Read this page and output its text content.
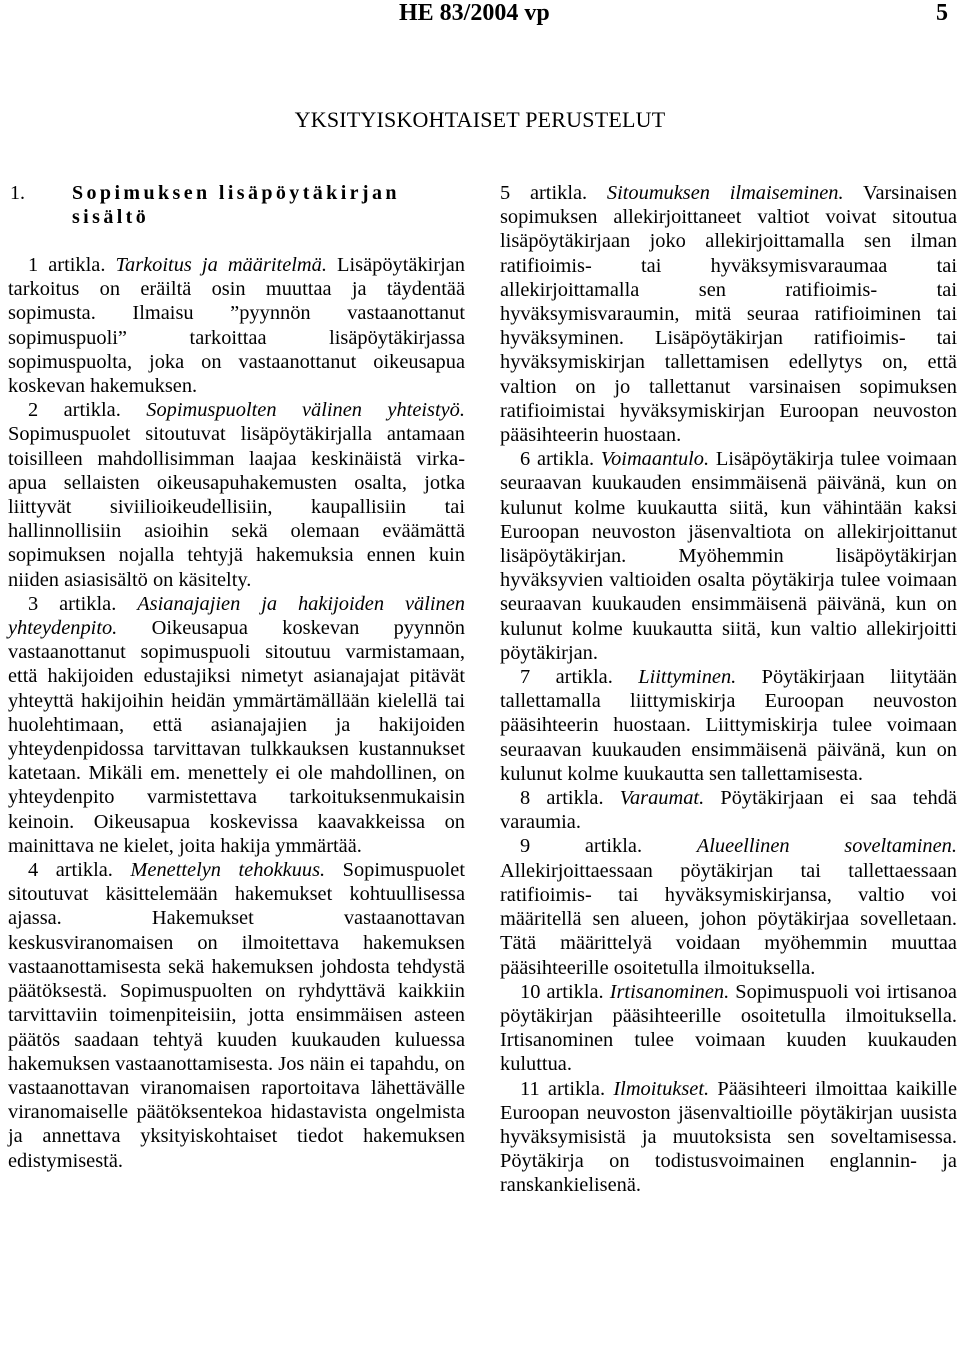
HE 83/2004 vp	5
YKSITYISKOHTAISET PERUSTELUT
1.	Sopimuksen lisäpöytäkirjan sisältö

1 artikla. Tarkoitus ja määritelmä. Lisäpöytäkirjan tarkoitus on eräiltä osin muuttaa ja täydentää sopimusta. Ilmaisu ”pyynnön vastaanottanut sopimuspuoli” tarkoittaa lisäpöytäkirjassa sopimuspuolta, joka on vastaanottanut oikeusapua koskevan hakemuksen.

2 artikla. Sopimuspuolten välinen yhteistyö. Sopimuspuolet sitoutuvat lisäpöytäkirjalla antamaan toisilleen mahdollisimman laajaa keskinäistä virka-apua sellaisten oikeusapuhakemusten osalta, jotka liittyvät siviilioikeudellisiin, kaupallisiin tai hallinnollisiin asioihin sekä olemaan eväämättä sopimuksen nojalla tehtyjä hakemuksia ennen kuin niiden asiasisältö on käsitelty.

3 artikla. Asianajajien ja hakijoiden välinen yhteydenpito. Oikeusapua koskevan pyynnön vastaanottanut sopimuspuoli sitoutuu varmistamaan, että hakijoiden edustajiksi nimetyt asianajajat pitävät yhteyttä hakijoihin heidän ymmärtämällään kielellä tai huolehtimaan, että asianajajien ja hakijoiden yhteydenpidossa tarvittavan tulkkauksen kustannukset katetaan. Mikäli em. menettely ei ole mahdollinen, on yhteydenpito varmistettava tarkoituksenmukaisin keinoin. Oikeusapua koskevissa kaavakkeissa on mainittava ne kielet, joita hakija ymmärtää.

4 artikla. Menettelyn tehokkuus. Sopimuspuolet sitoutuvat käsittelemään hakemukset kohtuullisessa ajassa. Hakemukset vastaanottavan keskusviranomaisen on ilmoitettava hakemuksen vastaanottamisesta sekä hakemuksen johdosta tehdystä päätöksestä. Sopimuspuolten on ryhdyttävä kaikkiin tarvittaviin toimenpiteisiin, jotta ensimmäisen asteen päätös saadaan tehtyä kuuden kuukauden kuluessa hakemuksen vastaanottamisesta. Jos näin ei tapahdu, on vastaanottavan viranomaisen raportoitava lähettävälle viranomaiselle päätöksentekoa hidastavista ongelmista ja annettava yksityiskohtaiset tiedot hakemuksen edistymisestä.

5 artikla. Sitoumuksen ilmaiseminen. Varsinaisen sopimuksen allekirjoittaneet valtiot voivat sitoutua lisäpöytäkirjaan joko allekirjoittamalla sen ilman ratifioimis- tai hyväksymisvaraumaa tai allekirjoittamalla sen ratifioimis- tai hyväksymisvaraumin, mitä seuraa ratifioiminen tai hyväksyminen. Lisäpöytäkirjan ratifioimis- tai hyväksymiskirjan tallettamisen edellytys on, että valtion on jo tallettanut varsinaisen sopimuksen ratifioimistai hyväksymiskirjan Euroopan neuvoston pääsihteerin huostaan.

6 artikla. Voimaantulo. Lisäpöytäkirja tulee voimaan seuraavan kuukauden ensimmäisenä päivänä, kun on kulunut kolme kuukautta siitä, kun vähintään kaksi Euroopan neuvoston jäsenvaltiota on allekirjoittanut lisäpöytäkirjan. Myöhemmin lisäpöytäkirjan hyväksyvien valtioiden osalta pöytäkirja tulee voimaan seuraavan kuukauden ensimmäisenä päivänä, kun on kulunut kolme kuukautta siitä, kun valtio allekirjoitti pöytäkirjan.

7 artikla. Liittyminen. Pöytäkirjaan liitytään tallettamalla liittymiskirja Euroopan neuvoston pääsihteerin huostaan. Liittymiskirja tulee voimaan seuraavan kuukauden ensimmäisenä päivänä, kun on kulunut kolme kuukautta sen tallettamisesta.

8 artikla. Varaumat. Pöytäkirjaan ei saa tehdä varaumia.

9 artikla.	Alueellinen soveltaminen. Allekirjoittaessaan pöytäkirjan tai tallettaessaan ratifioimis- tai hyväksymiskirjansa, valtio voi määritellä sen alueen, johon pöytäkirjaa sovelletaan. Tätä määrittelyä voidaan myöhemmin muuttaa pääsihteerille osoitetulla ilmoituksella.

10 artikla. Irtisanominen. Sopimuspuoli voi irtisanoa pöytäkirjan pääsihteerille osoitetulla ilmoituksella. Irtisanominen tulee voimaan kuuden kuukauden kuluttua.

11 artikla. Ilmoitukset. Pääsihteeri ilmoittaa kaikille Euroopan neuvoston jäsenvaltioille pöytäkirjan uusista hyväksymisistä ja muutoksista sen soveltamisessa. Pöytäkirja on todistusvoimainen englannin- ja ranskankielisenä.
